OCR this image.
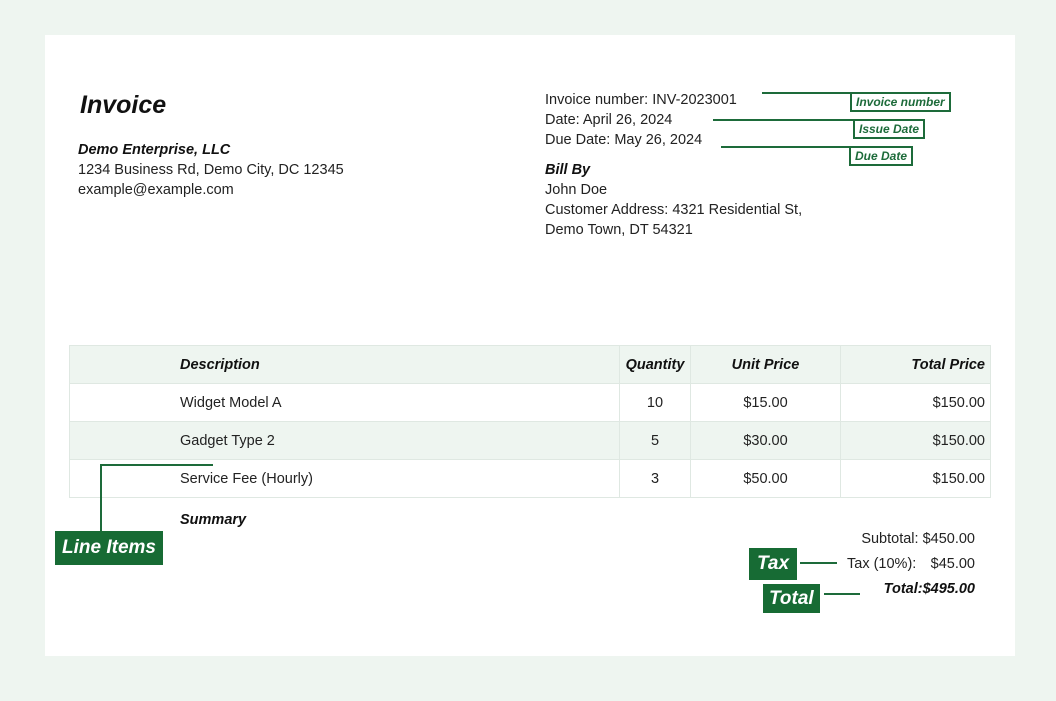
Invoice
Demo Enterprise, LLC
1234 Business Rd, Demo City, DC 12345
example@example.com
Invoice number: INV-2023001
Date: April 26, 2024
Due Date: May 26, 2024
Bill By
John Doe
Customer Address: 4321 Residential St,
Demo Town, DT 54321
Invoice number
Issue Date
Due Date
Description	Quantity	Unit Price	Total Price
Widget Model A	10	$15.00	$150.00
Gadget Type 2	5	$30.00	$150.00
Service Fee (Hourly)	3	$50.00	$150.00
Line Items
Summary
Subtotal: $450.00
Tax (10%): $45.00
Total:$495.00
Tax
Total
